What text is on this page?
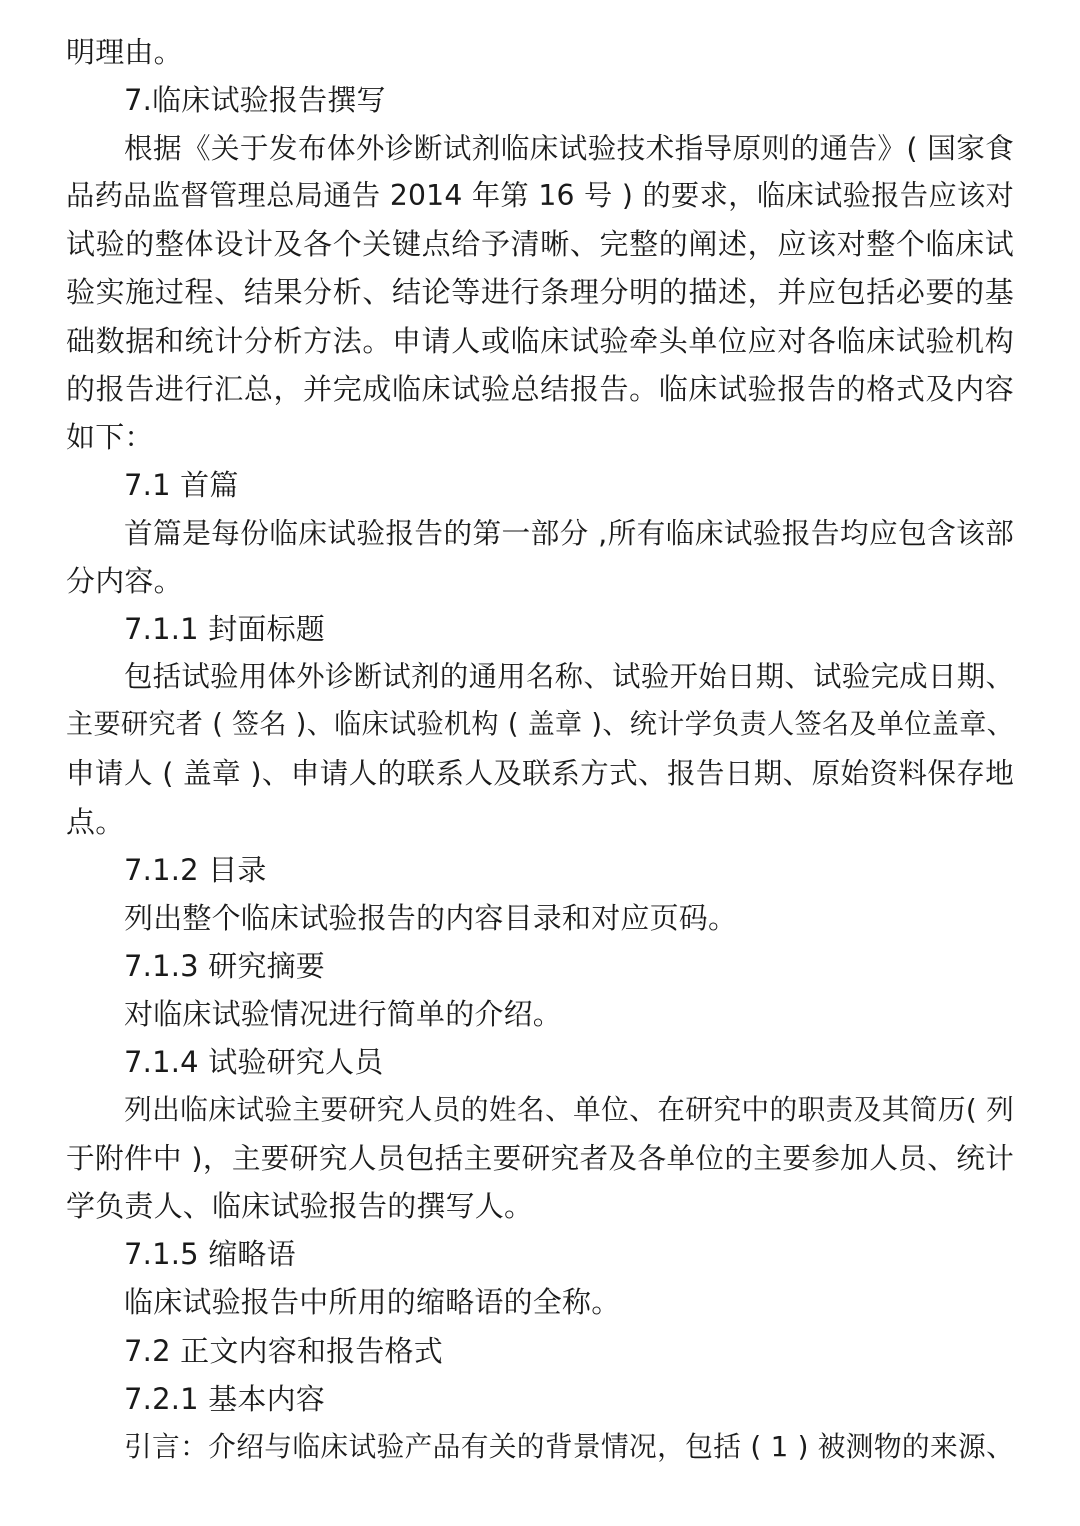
明理由。
7.临床试验报告撰写
根据《关于发布体外诊断试剂临床试验技术指导原则的通告》( 国家食
品药品监督管理总局通告 2014 年第 16 号 ) 的要求，临床试验报告应该对
试验的整体设计及各个关键点给予清晰、完整的阐述，应该对整个临床试
验实施过程、结果分析、结论等进行条理分明的描述，并应包括必要的基
础数据和统计分析方法。申请人或临床试验牵头单位应对各临床试验机构
的报告进行汇总，并完成临床试验总结报告。临床试验报告的格式及内容
如下：
7.1 首篇
首篇是每份临床试验报告的第一部分 ,所有临床试验报告均应包含该部
分内容。
7.1.1 封面标题
包括试验用体外诊断试剂的通用名称、试验开始日期、试验完成日期、
主要研究者 ( 签名 )、临床试验机构 ( 盖章 )、统计学负责人签名及单位盖章、
申请人 ( 盖章 )、申请人的联系人及联系方式、报告日期、原始资料保存地
点。
7.1.2 目录
列出整个临床试验报告的内容目录和对应页码。
7.1.3 研究摘要
对临床试验情况进行简单的介绍。
7.1.4 试验研究人员
列出临床试验主要研究人员的姓名、单位、在研究中的职责及其简历( 列
于附件中 )，主要研究人员包括主要研究者及各单位的主要参加人员、统计
学负责人、临床试验报告的撰写人。
7.1.5 缩略语
临床试验报告中所用的缩略语的全称。
7.2 正文内容和报告格式
7.2.1 基本内容
引言：介绍与临床试验产品有关的背景情况，包括 ( 1 ) 被测物的来源、
